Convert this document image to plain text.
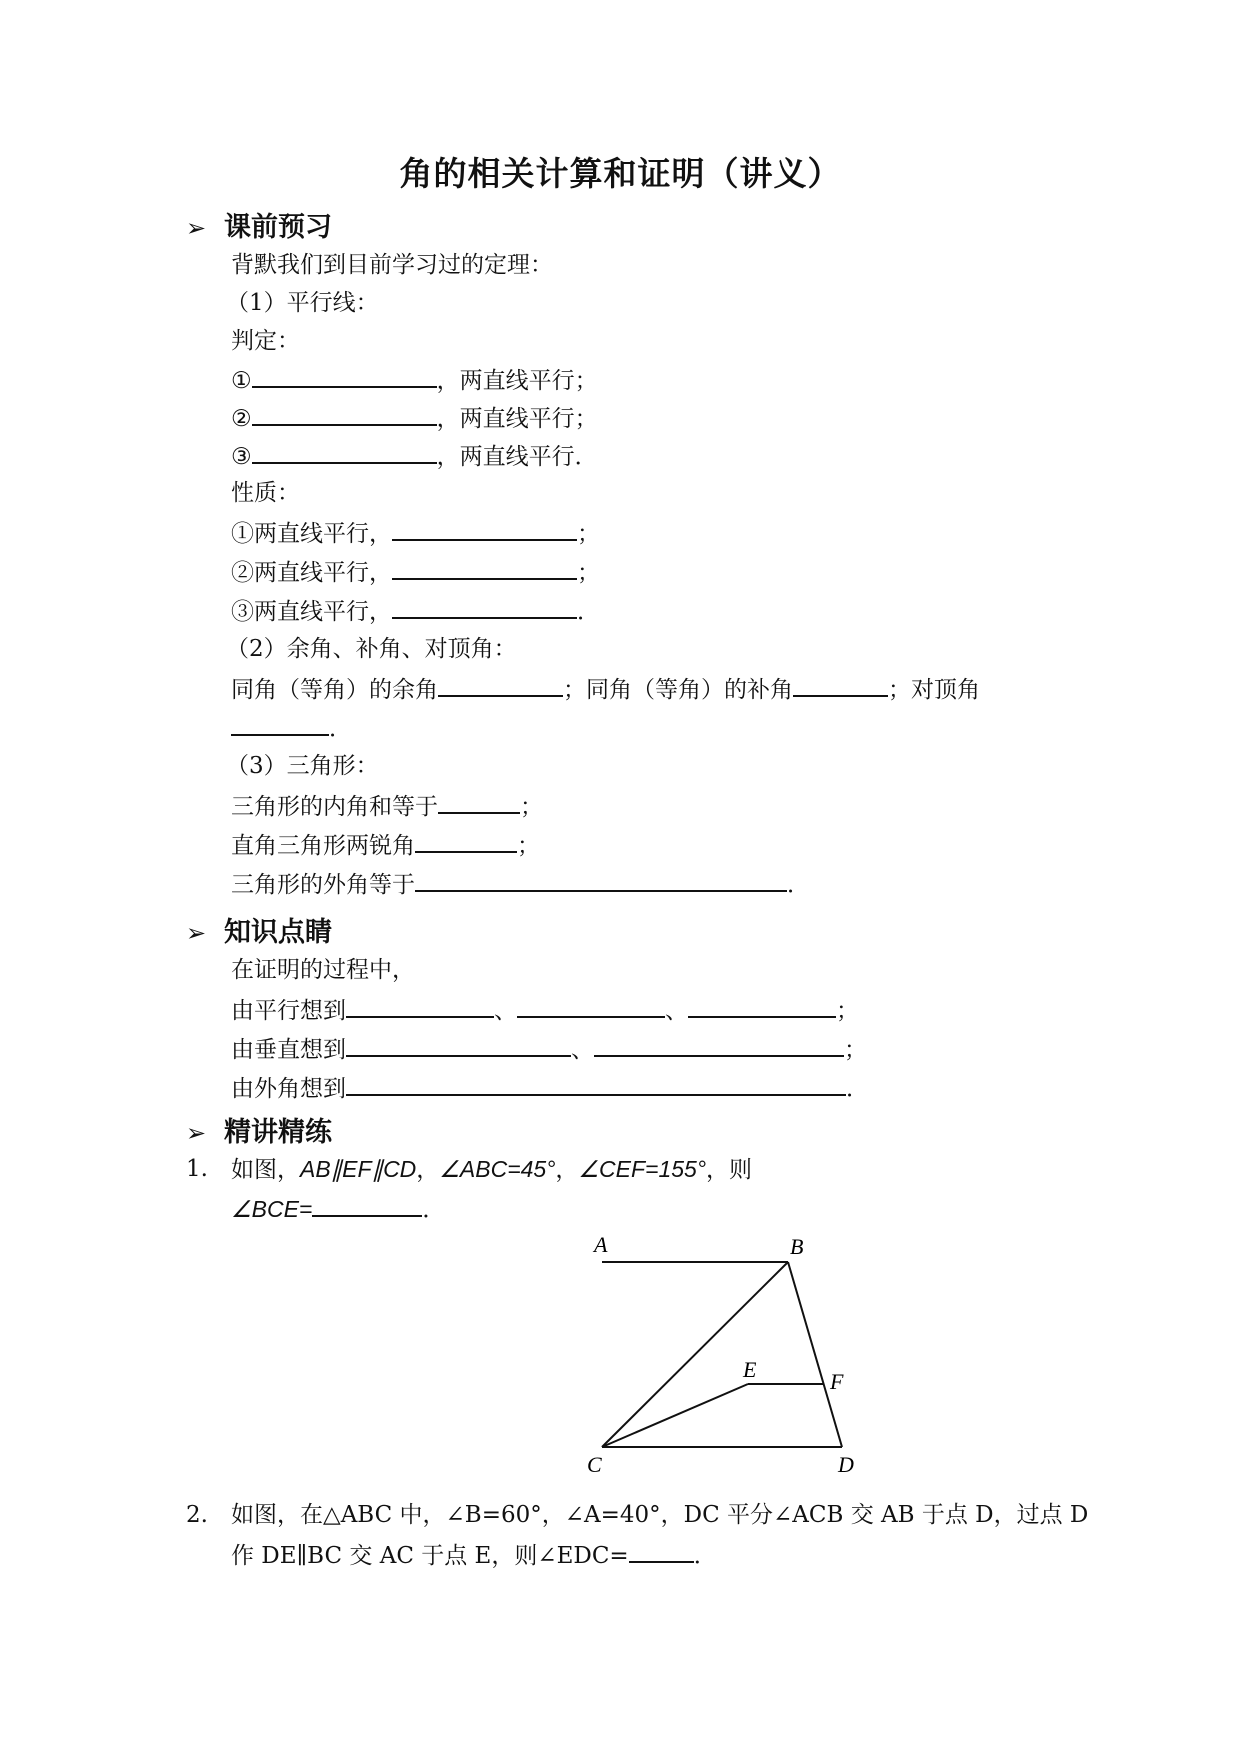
角的相关计算和证明（讲义）
➢ 课前预习
背默我们到目前学习过的定理：
（1）平行线：
判定：
①	，两直线平行；
②	，两直线平行；
③	，两直线平行．
性质：
①两直线平行，	；
②两直线平行，	；
③两直线平行，	．
（2）余角、补角、对顶角：
同角（等角）的余角	；同角（等角）的补角	；对顶角
．
（3）三角形：
三角形的内角和等于	；
直角三角形两锐角	；
三角形的外角等于	．
➢ 知识点睛
在证明的过程中，
由平行想到	、	、	；
由垂直想到	、	；
由外角想到	．
➢ 精讲精练
1. 如图，AB∥EF∥CD，∠ABC=45°，∠CEF=155°，则
∠BCE=	．
A	B
E	F
C	D
2. 如图，在△ABC 中，∠B=60°，∠A=40°，DC 平分∠ACB 交 AB 于点 D，过点 D
作 DE∥BC 交 AC 于点 E，则∠EDC=	．
